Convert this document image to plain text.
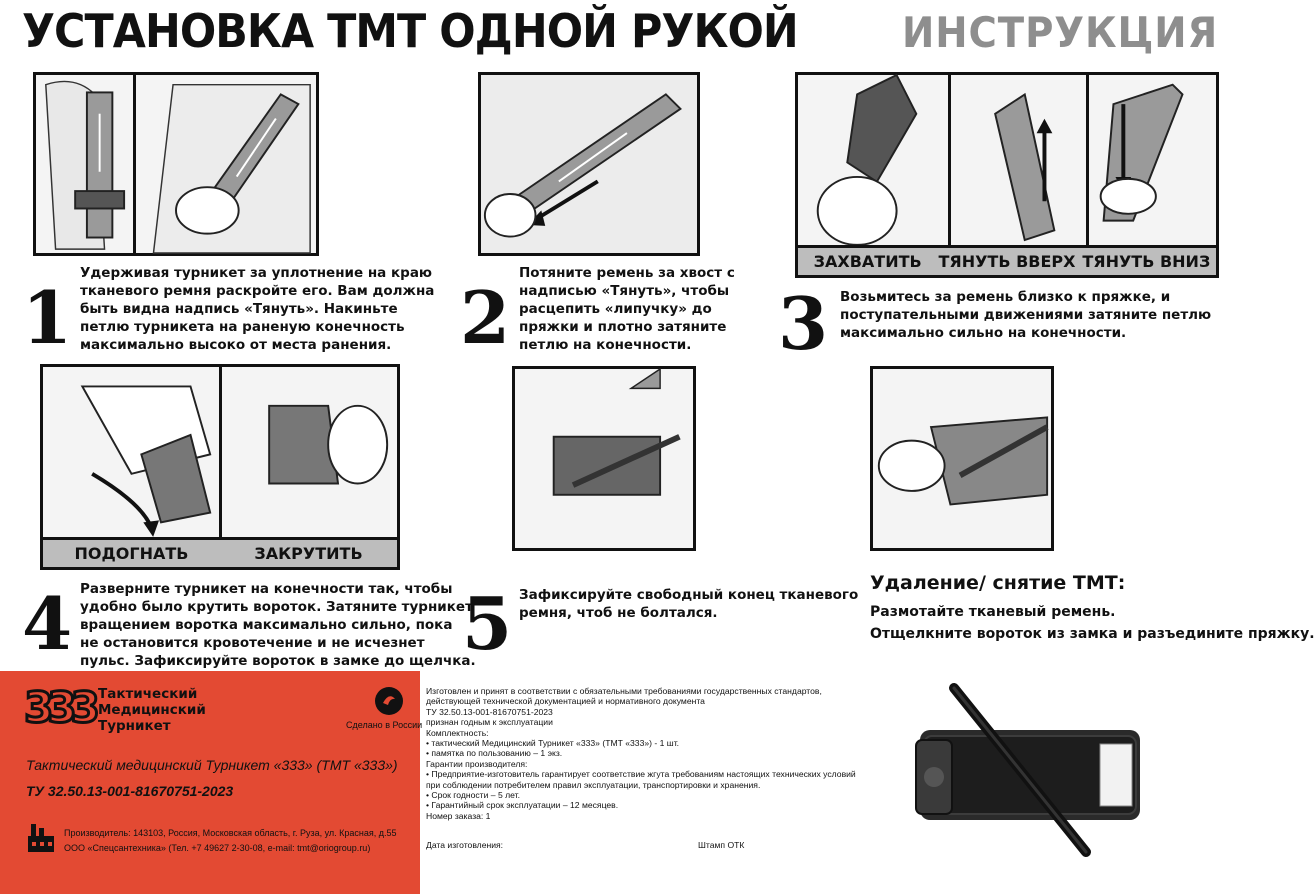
УСТАНОВКА ТМТ ОДНОЙ РУКОЙ ИНСТРУКЦИЯ
ЗАХВАТИТЬ	ТЯНУТЬ ВВЕРХ ТЯНУТЬ ВНИЗ
ПОДОГНАТЬ	ЗАКРУТИТЬ
1
Удерживая турникет за уплотнение на краю
тканевого ремня раскройте его. Вам должна
быть видна надпись «Тянуть». Накиньте
петлю турникета на раненую конечность
максимально высоко от места ранения. 2
Потяните ремень за хвост с
надписью «Тянуть», чтобы
расцепить «липучку» до
пряжки и плотно затяните
петлю на конечности.	3 Возьмитесь за ремень близко к пряжке, и
поступательными движениями затяните петлю
максимально сильно на конечности.
4 Разверните турникет на конечности так, чтобы
удобно было крутить вороток. Затяните турникет
вращением воротка максимально сильно, пока
не остановится кровотечение и не исчезнет
пульс. Зафиксируйте вороток в замке до щелчка.
5 Зафиксируйте свободный конец тканевого
ремня, чтоб не болтался.
Удаление/ снятие ТМТ:
Размотайте тканевый ремень.
Отщелкните вороток из замка и разъедините пряжку.
333 Тактический
Медицинский
Турникет	Сделано в России
Тактический медицинский Турникет «333» (ТМТ «333»)
ТУ 32.50.13-001-81670751-2023
Производитель: 143103, Россия, Московская область, г. Руза, ул. Красная, д.55
ООО «Спецсантехника» (Тел. +7 49627 2-30-08, e-mail: tmt@oriogroup.ru)
Изготовлен и принят в соответствии с обязательными требованиями государственных стандартов,
действующей технической документацией и нормативного документа
ТУ 32.50.13-001-81670751-2023
признан годным к эксплуатации
Комплектность:
• тактический Медицинский Турникет «333» (ТМТ «333») - 1 шт.
• памятка по пользованию – 1 экз.
Гарантии производителя:
• Предприятие-изготовитель гарантирует соответствие жгута требованиям настоящих технических условий
при соблюдении потребителем правил эксплуатации, транспортировки и хранения.
• Срок годности – 5 лет.
• Гарантийный срок эксплуатации – 12 месяцев.
Номер заказа: 1
Дата изготовления:	Штамп ОТК
